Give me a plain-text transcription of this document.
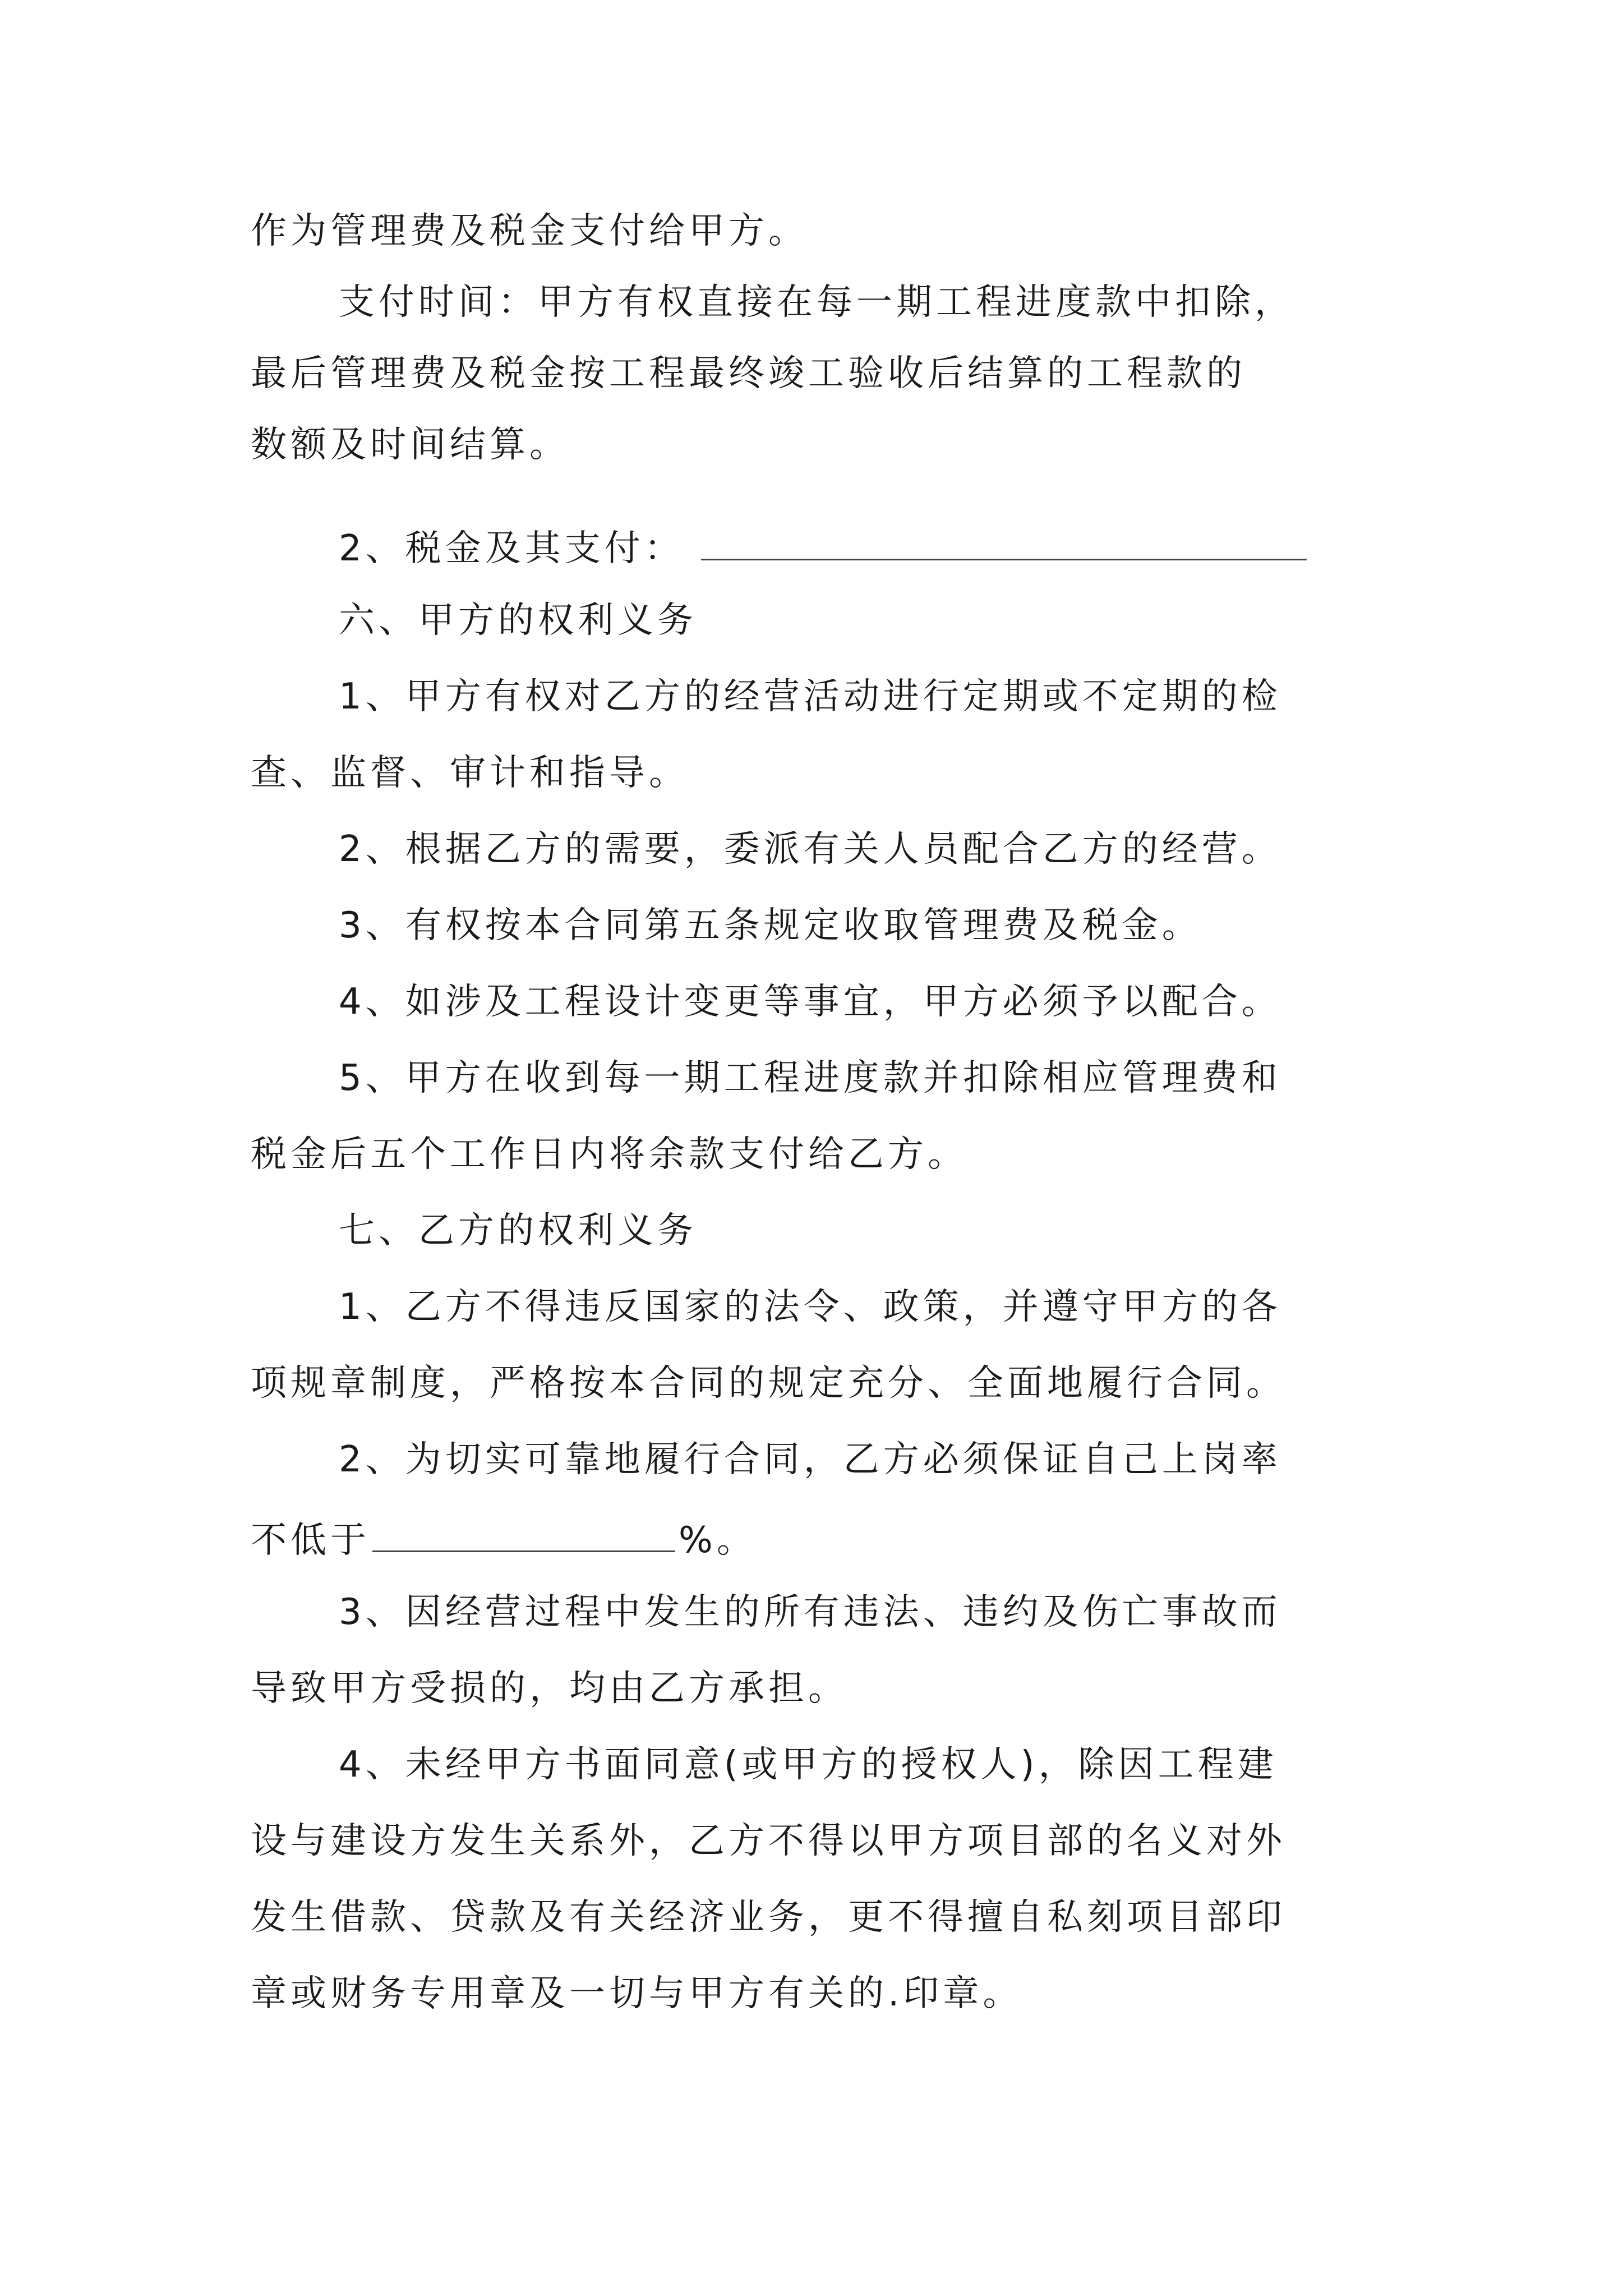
作为管理费及税金支付给甲方。

支付时间：甲方有权直接在每一期工程进度款中扣除，

最后管理费及税金按工程最终竣工验收后结算的工程款的

数额及时间结算。

2、税金及其支付：

六、甲方的权利义务

1、甲方有权对乙方的经营活动进行定期或不定期的检

查、监督、审计和指导。

2、根据乙方的需要，委派有关人员配合乙方的经营。

3、有权按本合同第五条规定收取管理费及税金。

4、如涉及工程设计变更等事宜，甲方必须予以配合。

5、甲方在收到每一期工程进度款并扣除相应管理费和

税金后五个工作日内将余款支付给乙方。

七、乙方的权利义务

1、乙方不得违反国家的法令、政策，并遵守甲方的各

项规章制度，严格按本合同的规定充分、全面地履行合同。

2、为切实可靠地履行合同，乙方必须保证自己上岗率

不低于	%。

3、因经营过程中发生的所有违法、违约及伤亡事故而

导致甲方受损的，均由乙方承担。

4、未经甲方书面同意(或甲方的授权人)，除因工程建

设与建设方发生关系外，乙方不得以甲方项目部的名义对外

发生借款、贷款及有关经济业务，更不得擅自私刻项目部印

章或财务专用章及一切与甲方有关的.印章。
